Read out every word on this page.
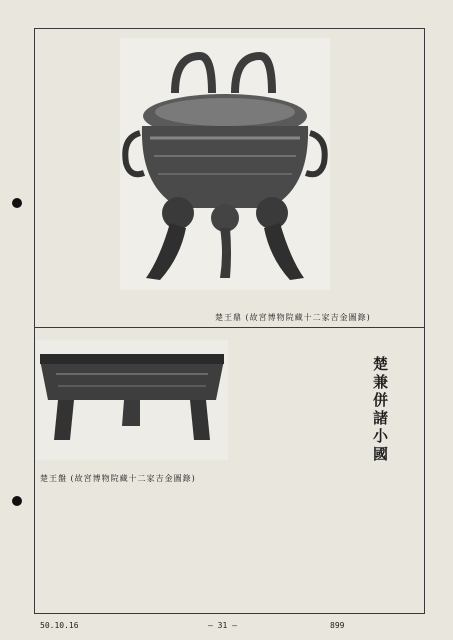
楚王鼎 (故宮博物院藏十二家吉金圖錄)
楚兼併諸小國
楚王盤 (故宮博物院藏十二家吉金圖錄)
50.10.16	— 31 —	899
